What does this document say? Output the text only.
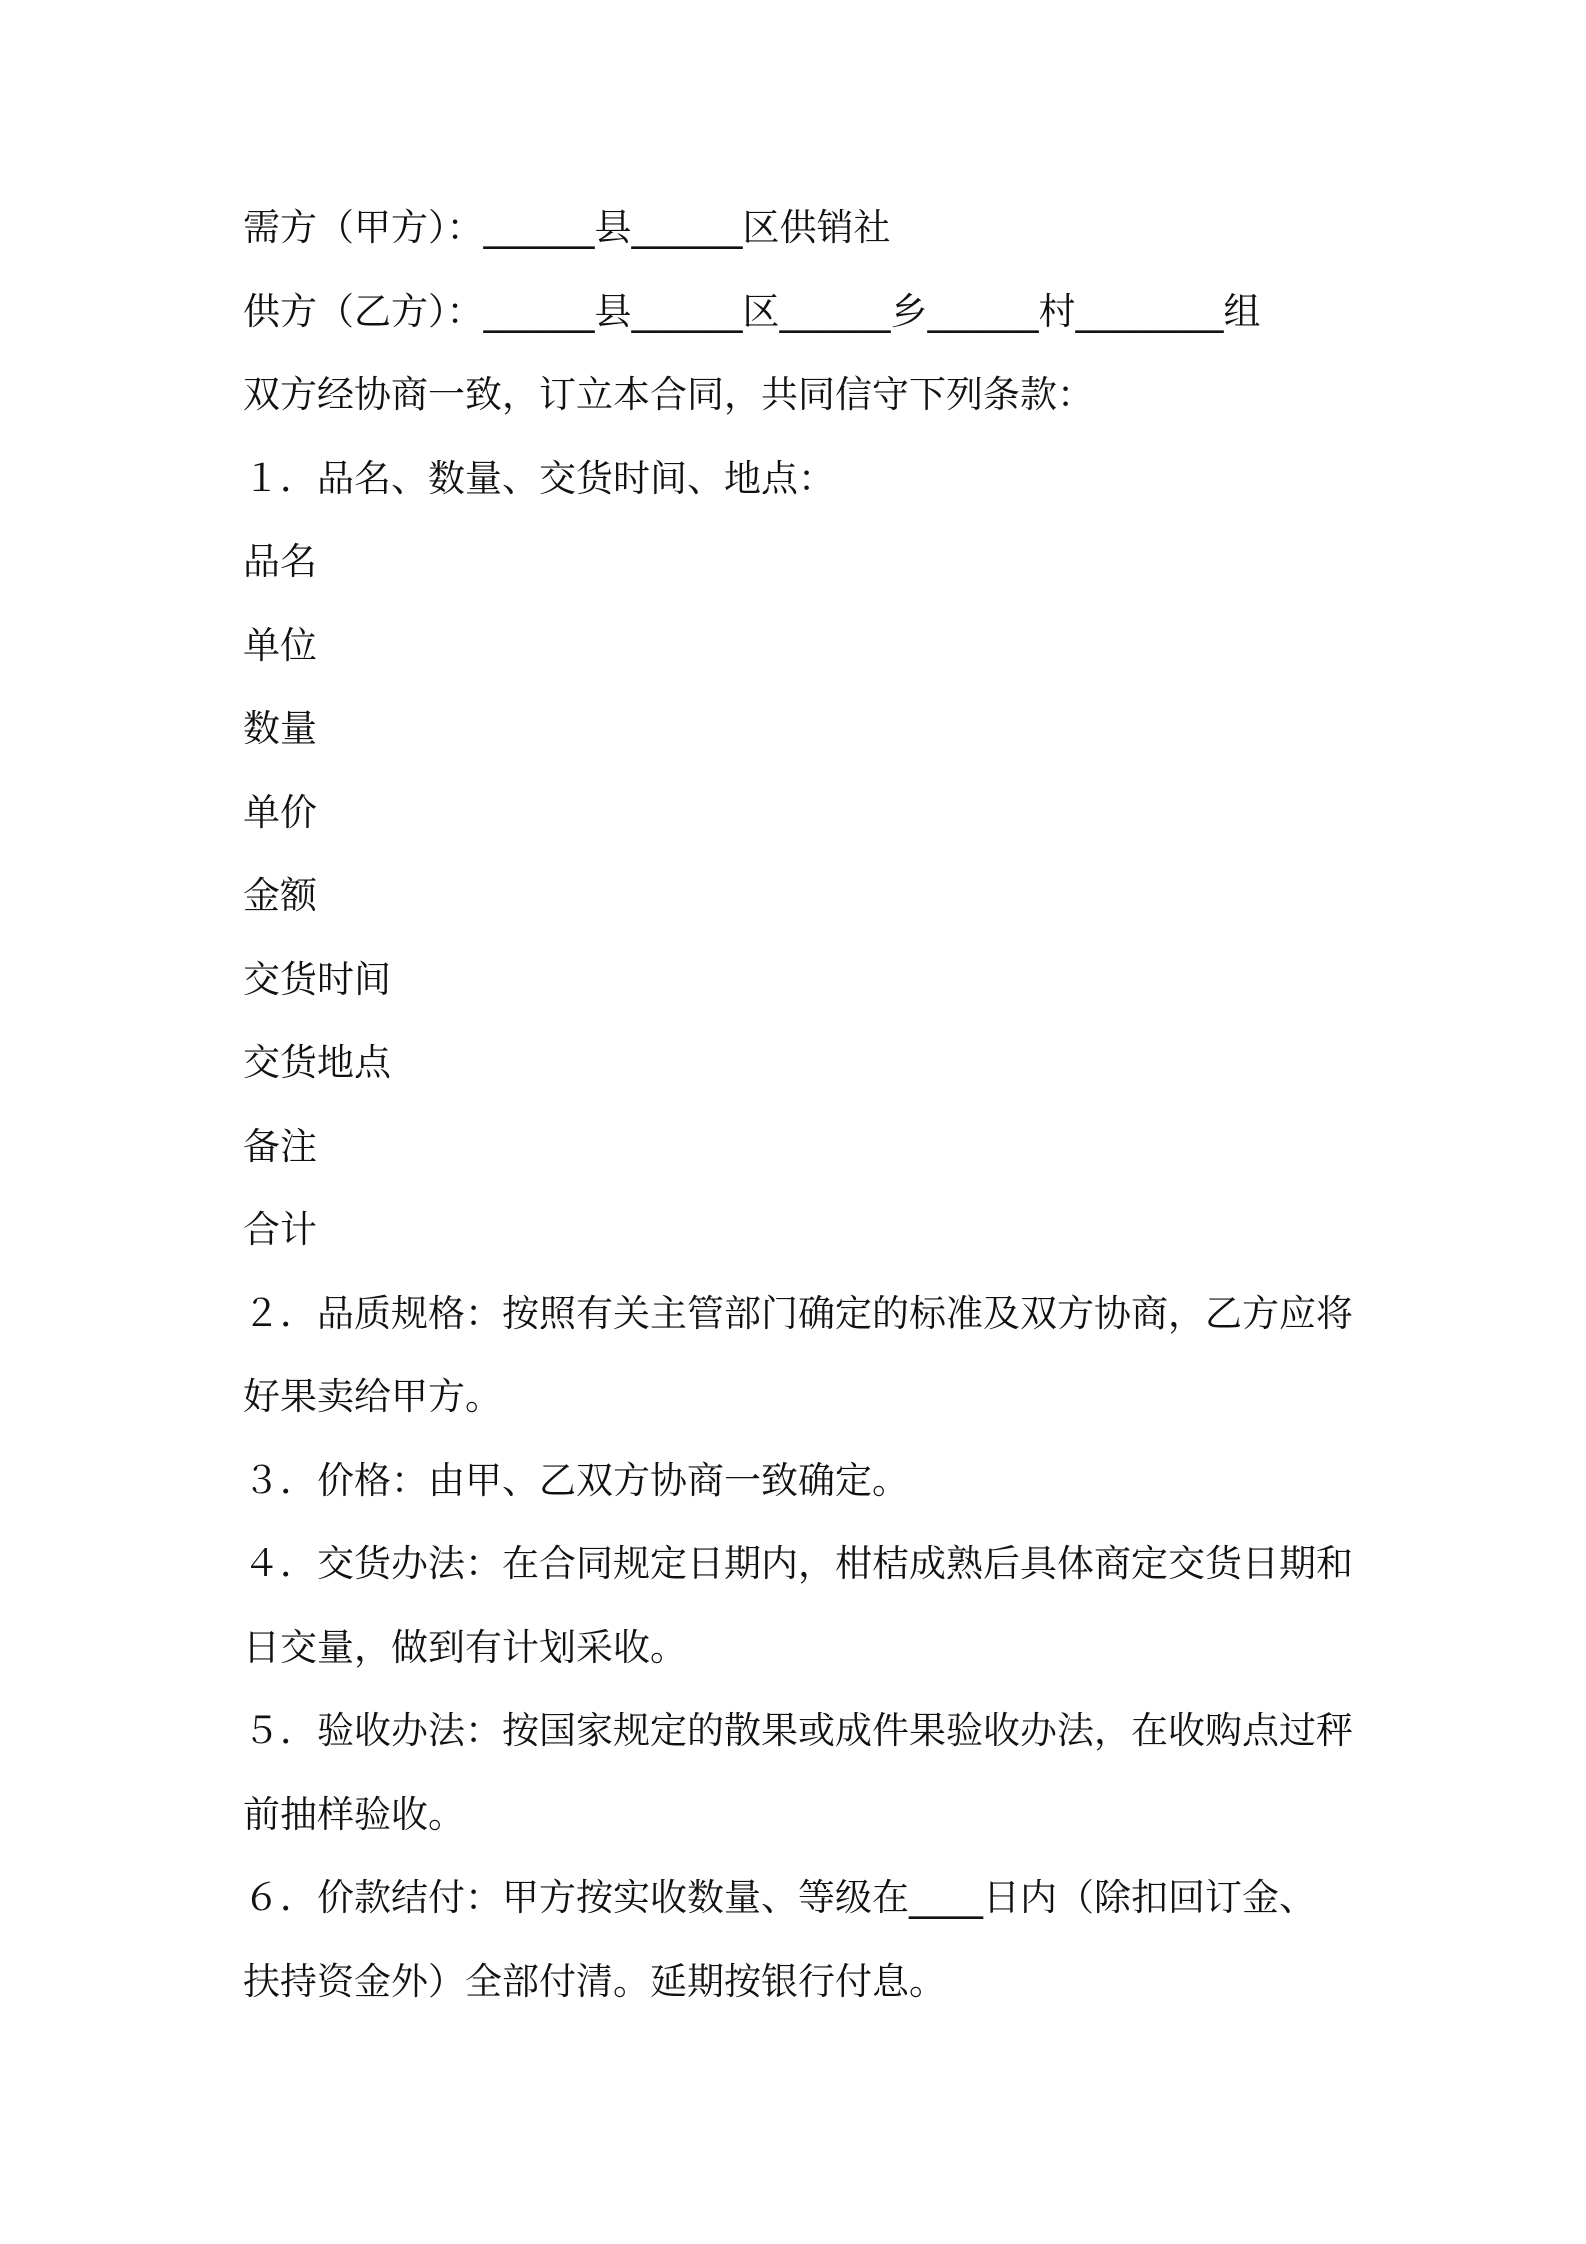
需方（甲方）：______县______区供销社
供方（乙方）：______县______区______乡______村________组
双方经协商一致，订立本合同，共同信守下列条款：
１．品名、数量、交货时间、地点：
品名
单位
数量
单价
金额
交货时间
交货地点
备注
合计
２．品质规格：按照有关主管部门确定的标准及双方协商，乙方应将
好果卖给甲方。
３．价格：由甲、乙双方协商一致确定。
４．交货办法：在合同规定日期内，柑桔成熟后具体商定交货日期和
日交量，做到有计划采收。
５．验收办法：按国家规定的散果或成件果验收办法，在收购点过秤
前抽样验收。
６．价款结付：甲方按实收数量、等级在____日内（除扣回订金、
扶持资金外）全部付清。延期按银行付息。
